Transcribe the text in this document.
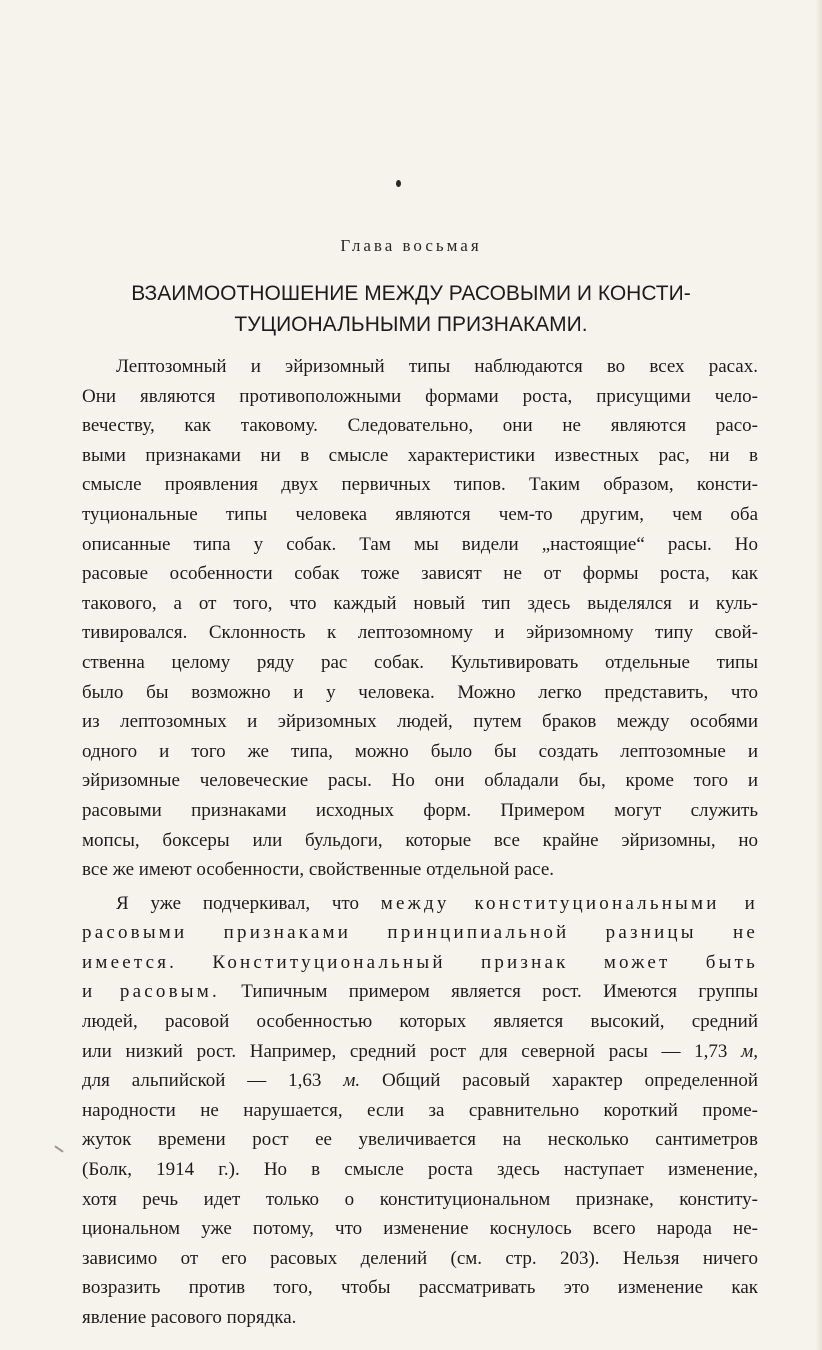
Глава восьмая
ВЗАИМООТНОШЕНИЕ МЕЖДУ РАСОВЫМИ И КОНСТИ-
ТУЦИОНАЛЬНЫМИ ПРИЗНАКАМИ.
Лептозомный и эйризомный типы наблюдаются во всех расах.
Они являются противоположными формами роста, присущими чело-
вечеству, как таковому. Следовательно, они не являются расо-
выми признаками ни в смысле характеристики известных рас, ни в
смысле проявления двух первичных типов. Таким образом, консти-
туциональные типы человека являются чем-то другим, чем оба
описанные типа у собак. Там мы видели „настоящие“ расы. Но
расовые особенности собак тоже зависят не от формы роста, как
такового, а от того, что каждый новый тип здесь выделялся и куль-
тивировался. Склонность к лептозомному и эйризомному типу свой-
ственна целому ряду рас собак. Культивировать отдельные типы
было бы возможно и у человека. Можно легко представить, что
из лептозомных и эйризомных людей, путем браков между особями
одного и того же типа, можно было бы создать лептозомные и
эйризомные человеческие расы. Но они обладали бы, кроме того и
расовыми признаками исходных форм. Примером могут служить
мопсы, боксеры или бульдоги, которые все крайне эйризомны, но
все же имеют особенности, свойственные отдельной расе.
Я уже подчеркивал, что между конституциональными и
расовыми признаками принципиальной разницы не
имеется. Конституциональный признак может быть
и расовым. Типичным примером является рост. Имеются группы
людей, расовой особенностью которых является высокий, средний
или низкий рост. Например, средний рост для северной расы — 1,73 м,
для альпийской — 1,63 м. Общий расовый характер определенной
народности не нарушается, если за сравнительно короткий проме-
жуток времени рост ее увеличивается на несколько сантиметров
(Болк, 1914 г.). Но в смысле роста здесь наступает изменение,
хотя речь идет только о конституциональном признаке, конститу-
циональном уже потому, что изменение коснулось всего народа не-
зависимо от его расовых делений (см. стр. 203). Нельзя ничего
возразить против того, чтобы рассматривать это изменение как
явление расового порядка.
